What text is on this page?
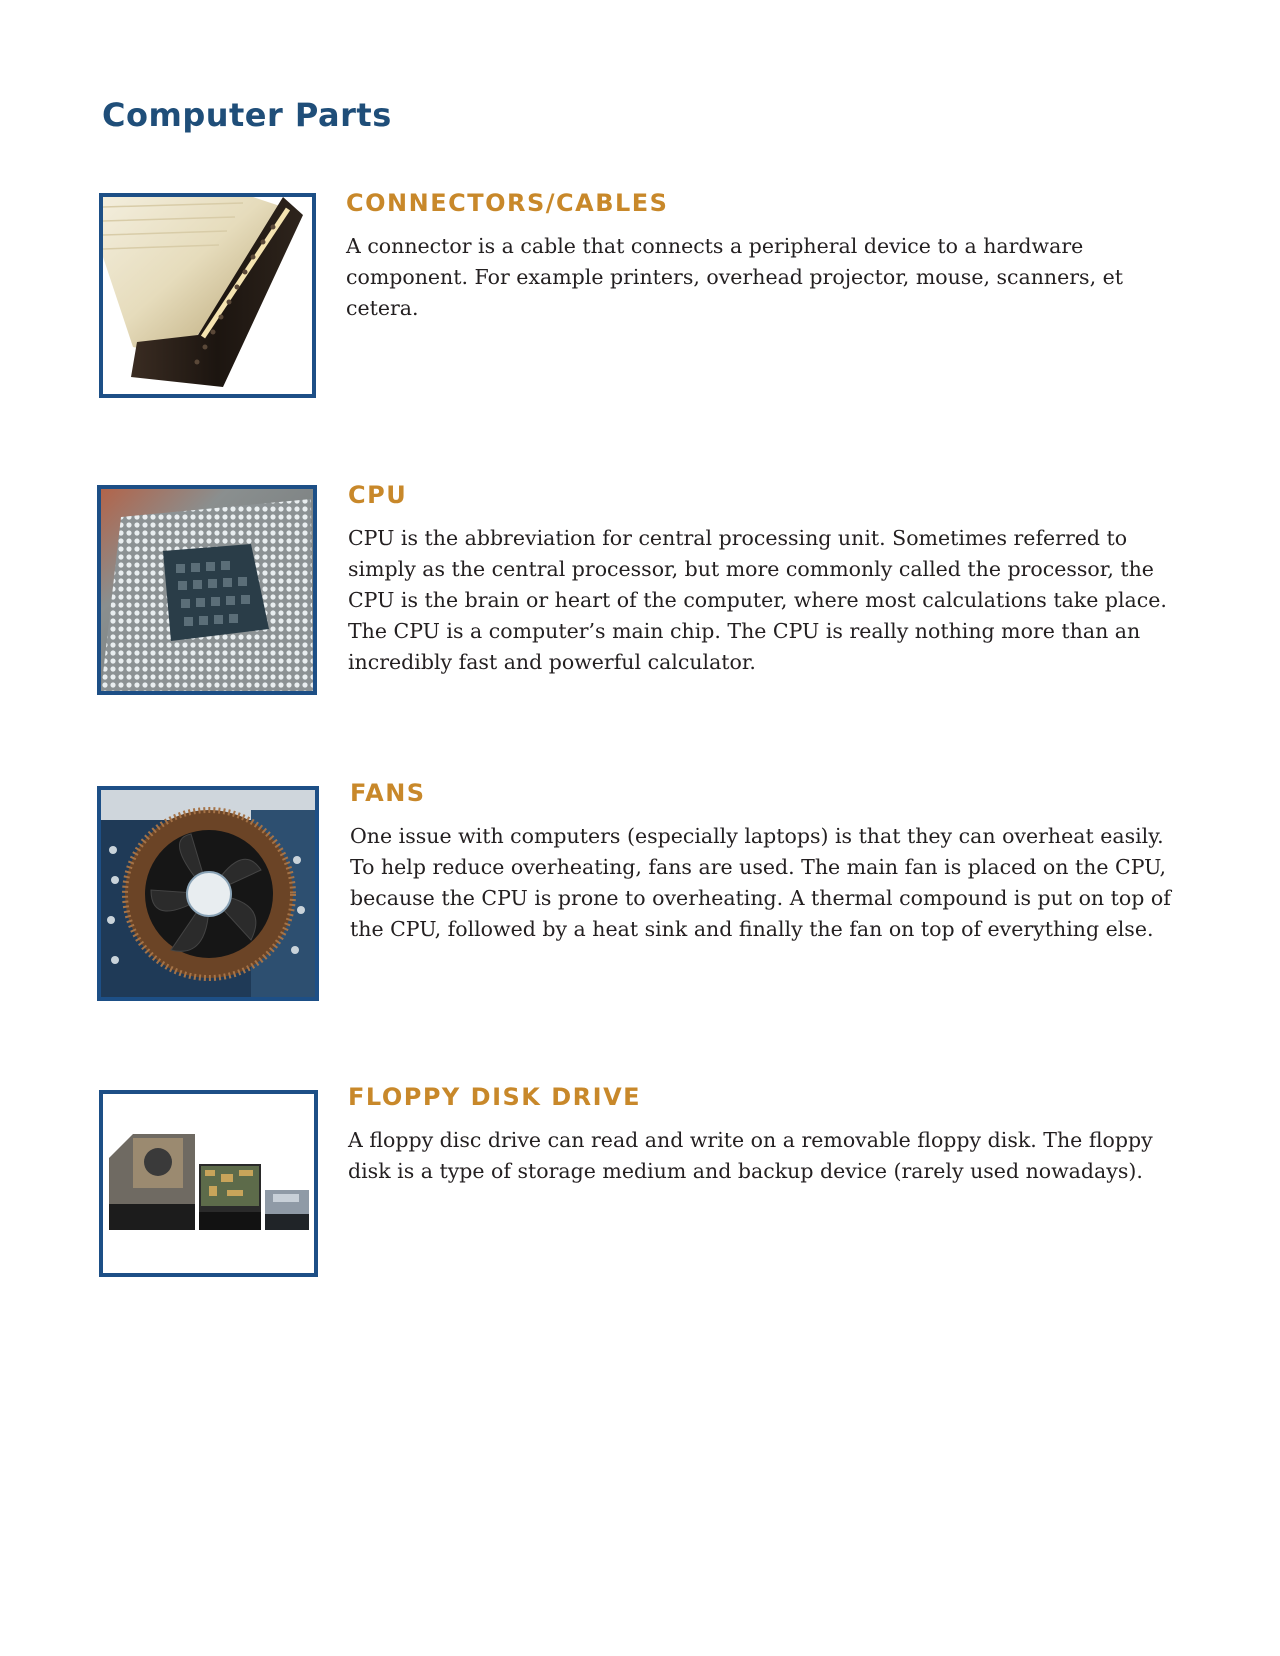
Computer Parts
CONNECTORS/CABLES

A connector is a cable that connects a peripheral device to a hardware component. For example printers, overhead projector, mouse, scanners, et cetera.

CPU

CPU is the abbreviation for central processing unit. Sometimes referred to simply as the central processor, but more commonly called the processor, the CPU is the brain or heart of the computer, where most calculations take place. The CPU is a computer’s main chip. The CPU is really nothing more than an incredibly fast and powerful calculator.

FANS

One issue with computers (especially laptops) is that they can overheat easily. To help reduce overheating, fans are used. The main fan is placed on the CPU, because the CPU is prone to overheating. A thermal compound is put on top of the CPU, followed by a heat sink and finally the fan on top of everything else.

FLOPPY DISK DRIVE

A floppy disc drive can read and write on a removable floppy disk. The floppy disk is a type of storage medium and backup device (rarely used nowadays).
